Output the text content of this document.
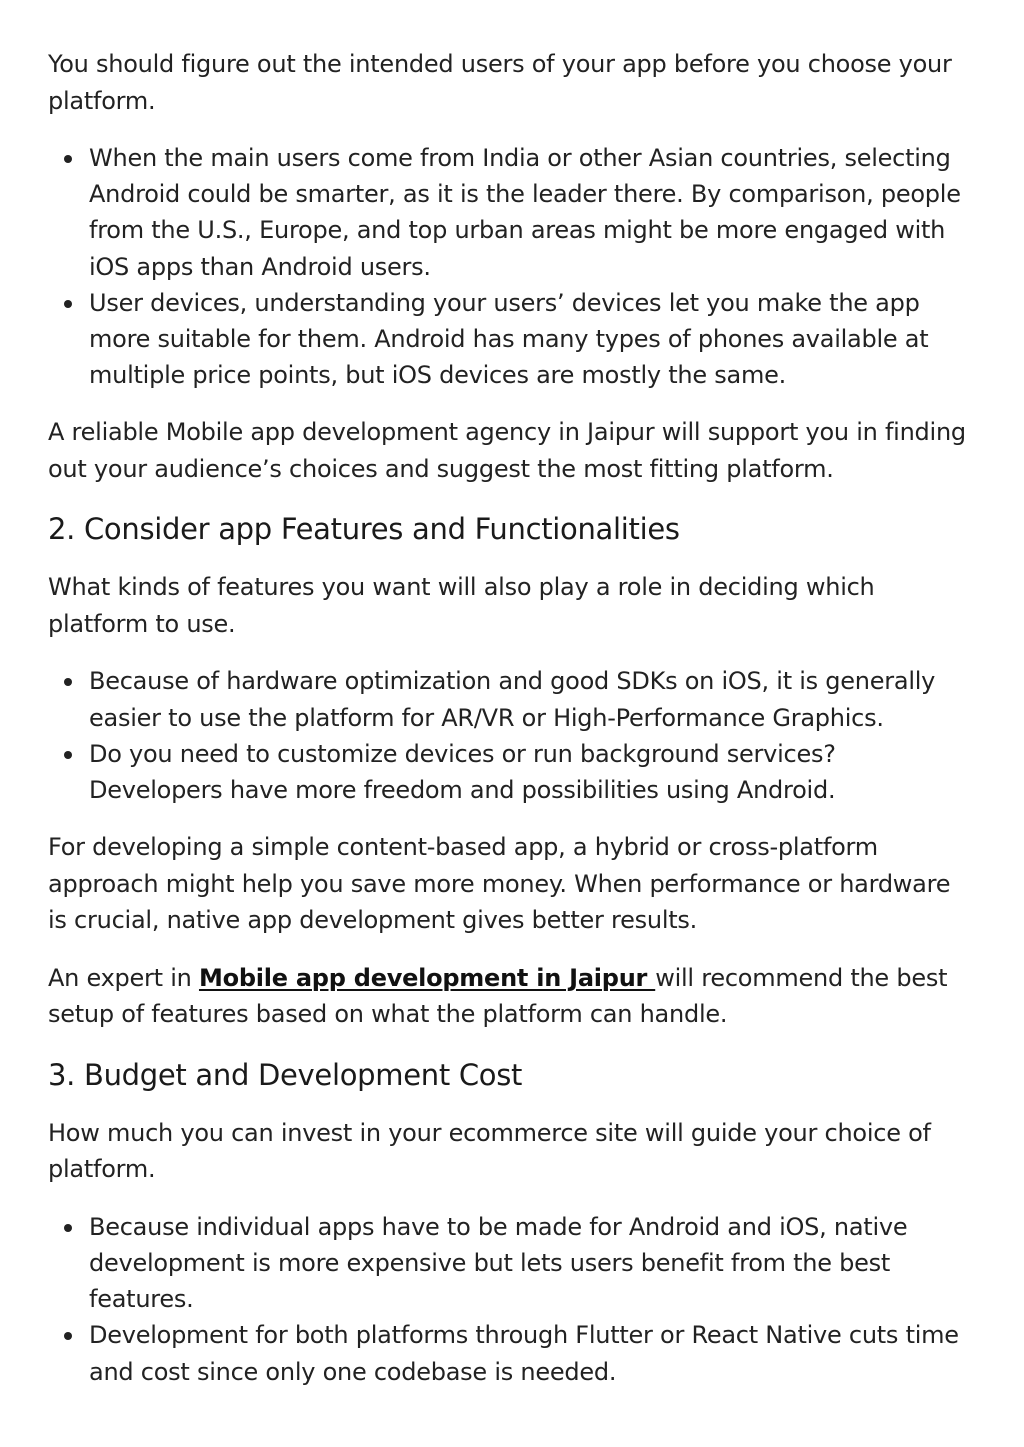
You should figure out the intended users of your app before you choose your platform.

When the main users come from India or other Asian countries, selecting Android could be smarter, as it is the leader there. By comparison, people from the U.S., Europe, and top urban areas might be more engaged with iOS apps than Android users.
User devices, understanding your users’ devices let you make the app more suitable for them. Android has many types of phones available at multiple price points, but iOS devices are mostly the same.

A reliable Mobile app development agency in Jaipur will support you in finding out your audience’s choices and suggest the most fitting platform.

2. Consider app Features and Functionalities

What kinds of features you want will also play a role in deciding which platform to use.

Because of hardware optimization and good SDKs on iOS, it is generally easier to use the platform for AR/VR or High-Performance Graphics.
Do you need to customize devices or run background services? Developers have more freedom and possibilities using Android.

For developing a simple content-based app, a hybrid or cross-platform approach might help you save more money. When performance or hardware is crucial, native app development gives better results.

An expert in Mobile app development in Jaipur will recommend the best setup of features based on what the platform can handle.

3. Budget and Development Cost

How much you can invest in your ecommerce site will guide your choice of platform.

Because individual apps have to be made for Android and iOS, native development is more expensive but lets users benefit from the best features.
Development for both platforms through Flutter or React Native cuts time and cost since only one codebase is needed.
